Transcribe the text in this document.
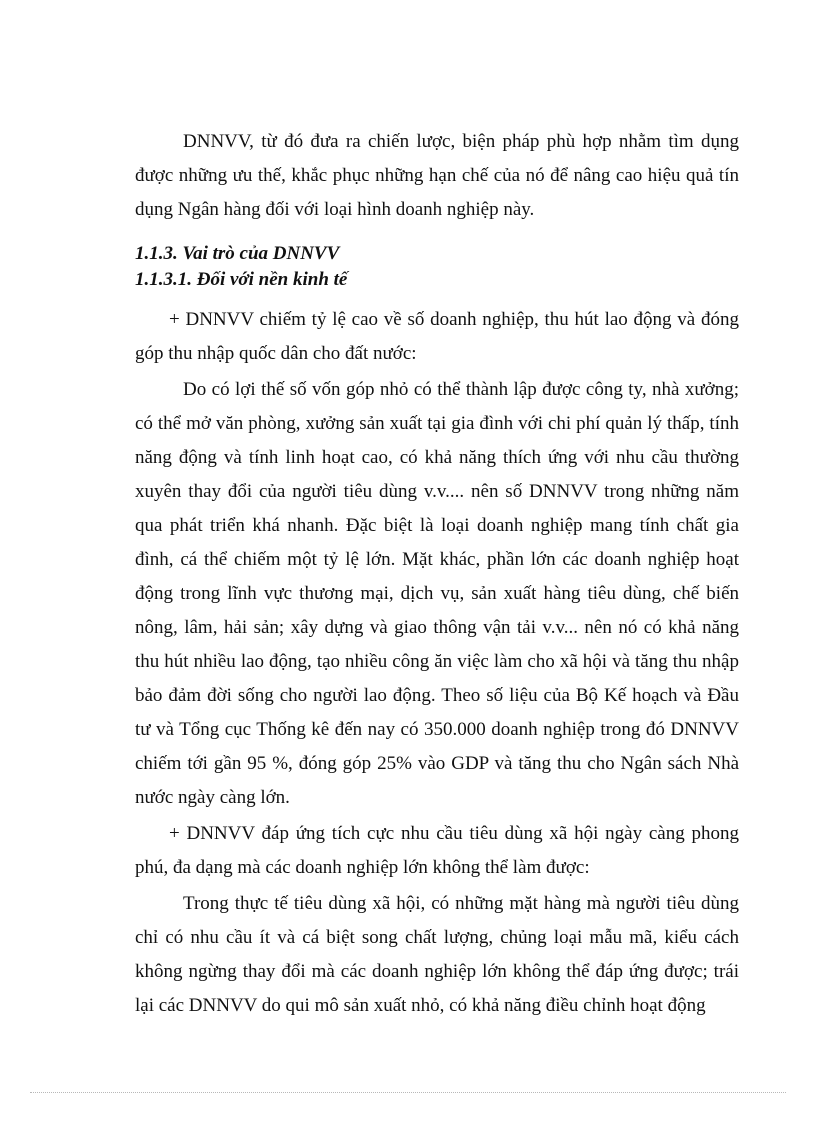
DNNVV, từ đó đưa ra chiến lược, biện pháp phù hợp nhằm tìm dụng được những ưu thế, khắc phục những hạn chế của nó để nâng cao hiệu quả tín dụng Ngân hàng đối với loại hình doanh nghiệp này.

1.1.3. Vai trò của DNNVV

1.1.3.1. Đối với nền kinh tế

+ DNNVV chiếm tỷ lệ cao về số doanh nghiệp, thu hút lao động và đóng góp thu nhập quốc dân cho đất nước:

Do có lợi thế số vốn góp nhỏ có thể thành lập được công ty, nhà xưởng; có thể mở văn phòng, xưởng sản xuất tại gia đình với chi phí quản lý thấp, tính năng động và tính linh hoạt cao, có khả năng thích ứng với nhu cầu thường xuyên thay đổi của người tiêu dùng v.v.... nên số DNNVV trong những năm qua phát triển khá nhanh. Đặc biệt là loại doanh nghiệp mang tính chất gia đình, cá thể chiếm một tỷ lệ lớn. Mặt khác, phần lớn các doanh nghiệp hoạt động trong lĩnh vực thương mại, dịch vụ, sản xuất hàng tiêu dùng, chế biến nông, lâm, hải sản; xây dựng và giao thông vận tải v.v... nên nó có khả năng thu hút nhiều lao động, tạo nhiều công ăn việc làm cho xã hội và tăng thu nhập bảo đảm đời sống cho người lao động. Theo số liệu của Bộ Kế hoạch và Đầu tư và Tổng cục Thống kê đến nay có 350.000 doanh nghiệp trong đó DNNVV chiếm tới gần 95 %, đóng góp 25% vào GDP và tăng thu cho Ngân sách Nhà nước ngày càng lớn.

+ DNNVV đáp ứng tích cực nhu cầu tiêu dùng xã hội ngày càng phong phú, đa dạng mà các doanh nghiệp lớn không thể làm được:

Trong thực tế tiêu dùng xã hội, có những mặt hàng mà người tiêu dùng chỉ có nhu cầu ít và cá biệt song chất lượng, chủng loại mẫu mã, kiểu cách không ngừng thay đổi mà các doanh nghiệp lớn không thể đáp ứng được; trái lại các DNNVV do qui mô sản xuất nhỏ, có khả năng điều chỉnh hoạt động
